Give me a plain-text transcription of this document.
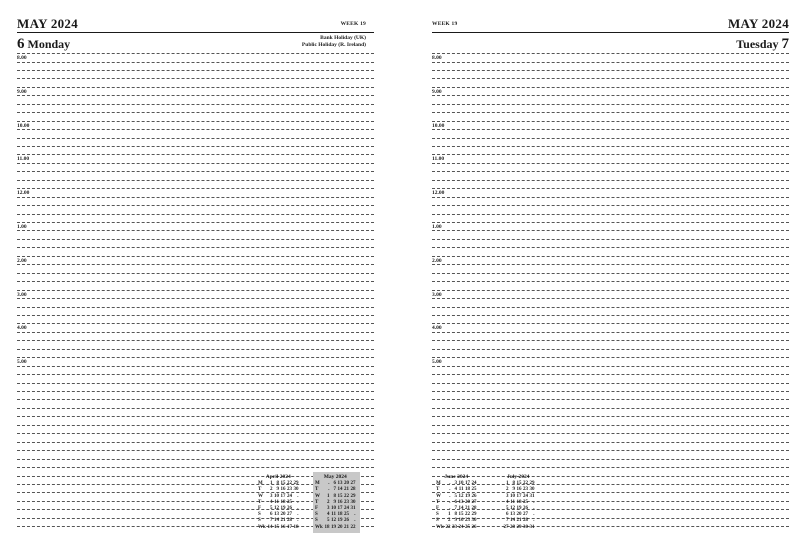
MAY 2024	WEEK 19
6 Monday	Bank Holiday (UK)
Public Holiday (R. Ireland)
8.00
9.00
10.00
11.00
12.00
1.00
2.00
3.00
4.00
5.00
WEEK 19	MAY 2024
Tuesday 7
8.00
9.00
10.00
11.00
12.00
1.00
2.00
3.00
4.00
5.00
April 2024
M 1 8 15 22 29
T 2 9 16 23 30
W 3 10 17 24 .
T 4 11 18 25 .
F 5 12 19 26 .
S 6 13 20 27 .
S 7 14 21 28 .
Wk 14 15 16 17 18
May 2024
M . 6 13 20 27
T . 7 14 21 28
W 1 8 15 22 29
T 2 9 16 23 30
F 3 10 17 24 31
S 4 11 18 25 .
S 5 12 19 26 .
Wk 18 19 20 21 22
June 2024
M . 3 10 17 24
T . 4 11 18 25
W . 5 12 19 26
T . 6 13 20 27
F . 7 14 21 28
S 1 8 15 22 29
S 2 9 16 23 30
Wk 22 23 24 25 26
July 2024
1 8 15 22 29
2 9 16 23 30
3 10 17 24 31
4 11 18 25 .
5 12 19 26 .
6 13 20 27 .
7 14 21 28 .
27 28 29 30 31
